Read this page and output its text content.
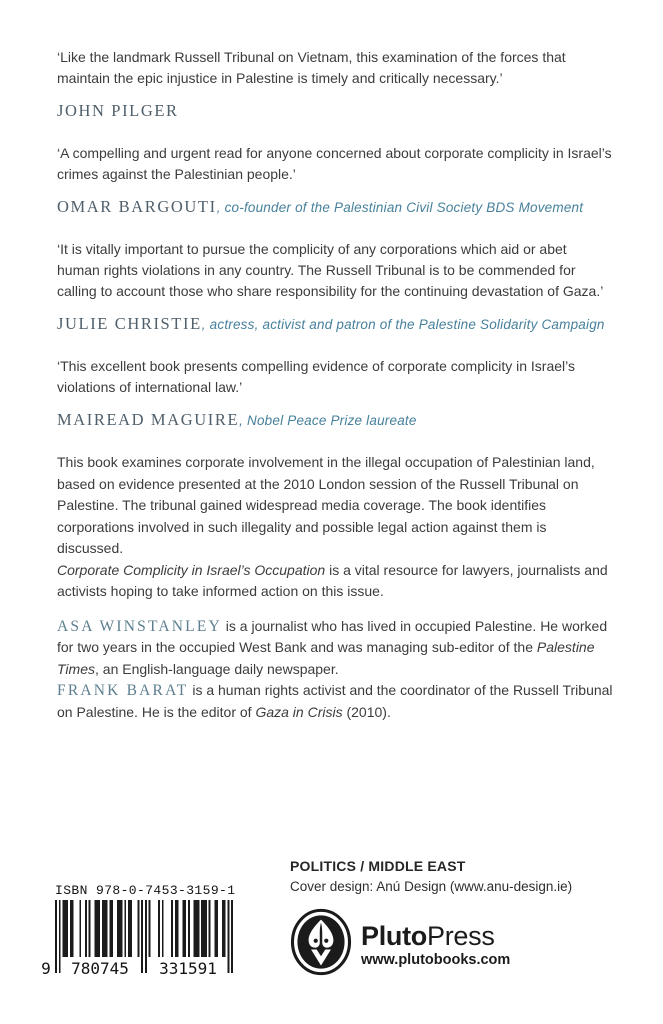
‘Like the landmark Russell Tribunal on Vietnam, this examination of the forces that maintain the epic injustice in Palestine is timely and critically necessary.’

JOHN PILGER

‘A compelling and urgent read for anyone concerned about corporate complicity in Israel’s crimes against the Palestinian people.’

OMAR BARGOUTI, co-founder of the Palestinian Civil Society BDS Movement

‘It is vitally important to pursue the complicity of any corporations which aid or abet human rights violations in any country. The Russell Tribunal is to be commended for calling to account those who share responsibility for the continuing devastation of Gaza.’

JULIE CHRISTIE, actress, activist and patron of the Palestine Solidarity Campaign

‘This excellent book presents compelling evidence of corporate complicity in Israel’s violations of international law.’

MAIREAD MAGUIRE, Nobel Peace Prize laureate

This book examines corporate involvement in the illegal occupation of Palestinian land, based on evidence presented at the 2010 London session of the Russell Tribunal on Palestine. The tribunal gained widespread media coverage. The book identifies corporations involved in such illegality and possible legal action against them is discussed.

Corporate Complicity in Israel’s Occupation is a vital resource for lawyers, journalists and activists hoping to take informed action on this issue.

ASA WINSTANLEY is a journalist who has lived in occupied Palestine. He worked for two years in the occupied West Bank and was managing sub-editor of the Palestine Times, an English-language daily newspaper.

FRANK BARAT is a human rights activist and the coordinator of the Russell Tribunal on Palestine. He is the editor of Gaza in Crisis (2010).

ISBN 978-0-7453-3159-1
9	780745	331591
POLITICS / MIDDLE EAST
Cover design: Anú Design (www.anu-design.ie)
PlutoPress
www.plutobooks.com
